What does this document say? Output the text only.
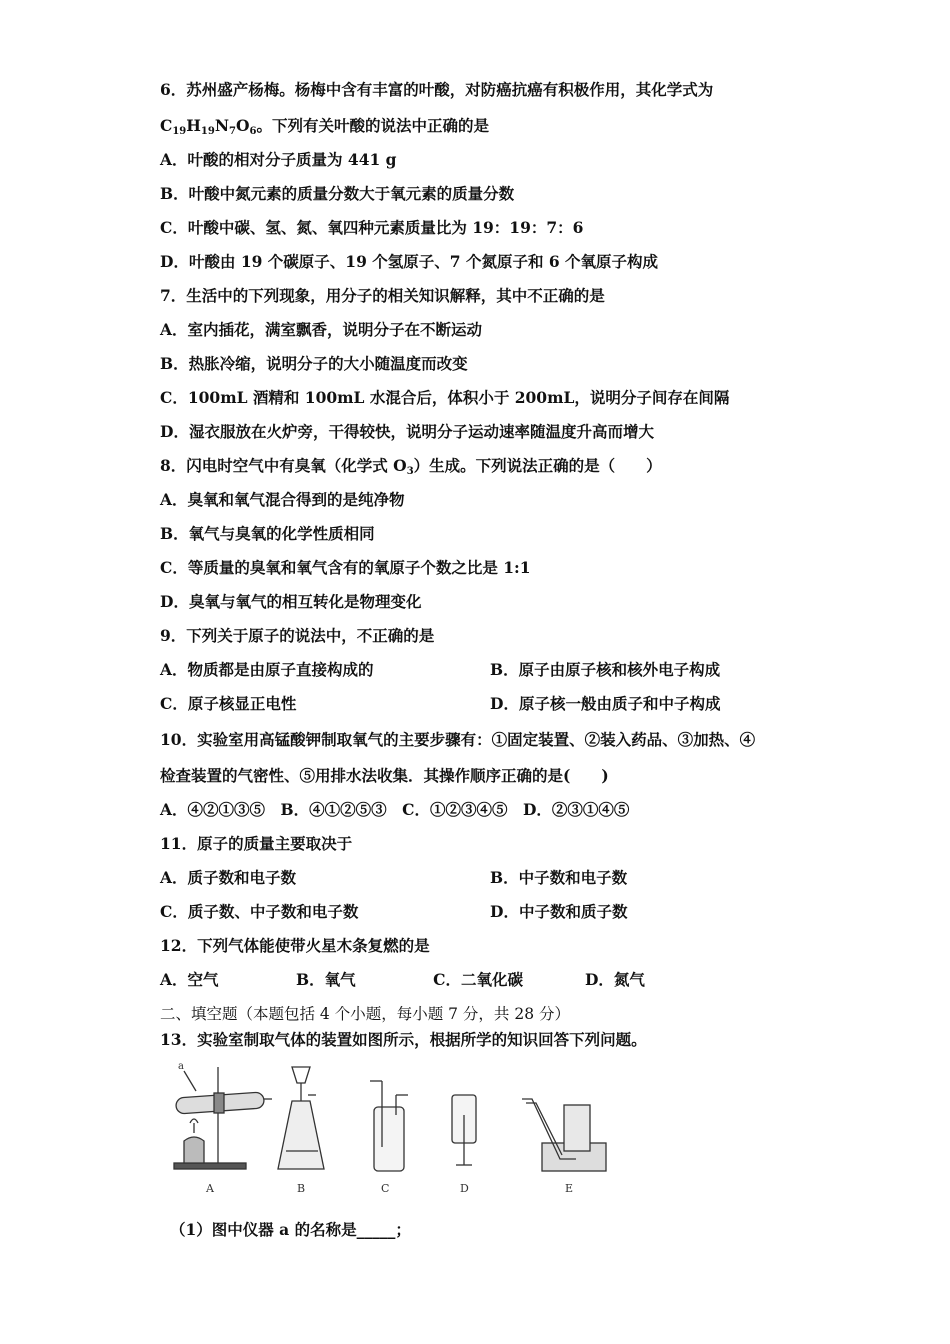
6．苏州盛产杨梅。杨梅中含有丰富的叶酸，对防癌抗癌有积极作用，其化学式为
$C_{19}H_{19}N_7O_6$。下列有关叶酸的说法中正确的是
A．叶酸的相对分子质量为 441 g
B．叶酸中氮元素的质量分数大于氧元素的质量分数
C．叶酸中碳、氢、氮、氧四种元素质量比为 19：19：7：6
D．叶酸由 19 个碳原子、19 个氢原子、7 个氮原子和 6 个氧原子构成
7．生活中的下列现象，用分子的相关知识解释，其中不正确的是
A．室内插花，满室飘香，说明分子在不断运动
B．热胀冷缩，说明分子的大小随温度而改变
C．100mL 酒精和 100mL 水混合后，体积小于 200mL，说明分子间存在间隔
D．湿衣服放在火炉旁，干得较快，说明分子运动速率随温度升高而增大
8．闪电时空气中有臭氧（化学式 $O_3$）生成。下列说法正确的是（　　）
A．臭氧和氧气混合得到的是纯净物
B．氧气与臭氧的化学性质相同
C．等质量的臭氧和氧气含有的氧原子个数之比是 1:1
D．臭氧与氧气的相互转化是物理变化
9．下列关于原子的说法中，不正确的是
A．物质都是由原子直接构成的	B．原子由原子核和核外电子构成
C．原子核显正电性	D．原子核一般由质子和中子构成
10．实验室用高锰酸钾制取氧气的主要步骤有：①固定装置、②装入药品、③加热、④
检查装置的气密性、⑤用排水法收集．其操作顺序正确的是(　　)
A．④②①③⑤　B．④①②⑤③　C．①②③④⑤　D．②③①④⑤
11．原子的质量主要取决于
A．质子数和电子数	B．中子数和电子数
C．质子数、中子数和电子数	D．中子数和质子数
12．下列气体能使带火星木条复燃的是
A．空气　　　　　B．氧气　　　　　C．二氧化碳　　　　D．氮气
二、填空题（本题包括 4 个小题，每小题 7 分，共 28 分）
13．实验室制取气体的装置如图所示，根据所学的知识回答下列问题。
a
A	B	C	D	E
（1）图中仪器 a 的名称是_____；
